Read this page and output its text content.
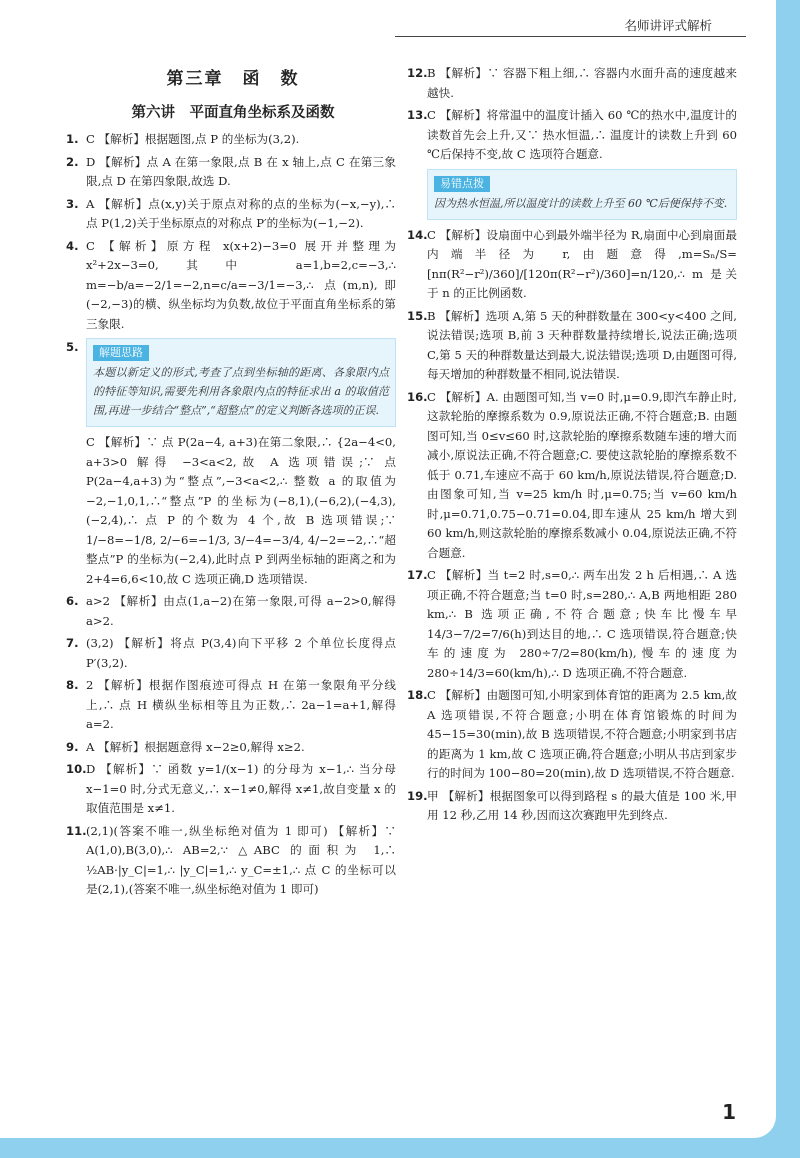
名师讲评式解析
第三章　函　数
第六讲　平面直角坐标系及函数
1. C 【解析】根据题图,点 P 的坐标为(3,2).
2. D 【解析】点 A 在第一象限,点 B 在 x 轴上,点 C 在第三象限,点 D 在第四象限,故选 D.
3. A 【解析】点(x,y)关于原点对称的点的坐标为(−x,−y),∴ 点 P(1,2)关于坐标原点的对称点 P′的坐标为(−1,−2).
4. C 【解析】原方程 x(x+2)−3=0 展开并整理为 x²+2x−3=0,其中 a=1,b=2,c=−3,∴ m=−b/a=−2/1=−2,n=c/a=−3/1=−3,∴ 点(m,n),即(−2,−3)的横、纵坐标均为负数,故位于平面直角坐标系的第三象限.
5.	解题思路
本题以新定义的形式,考查了点到坐标轴的距离、各象限内点的特征等知识,需要先利用各象限内点的特征求出 a 的取值范围,再进一步结合“整点”,“超整点”的定义判断各选项的正误.
C 【解析】∵ 点 P(2a−4, a+3)在第二象限,∴ {2a−4<0, a+3>0 解得 −3<a<2,故 A 选项错误;∵ 点 P(2a−4,a+3)为“整点”,−3<a<2,∴ 整数 a 的取值为−2,−1,0,1,∴“整点”P 的坐标为(−8,1),(−6,2),(−4,3),(−2,4),∴ 点 P 的个数为 4 个,故 B 选项错误;∵ 1/−8=−1/8, 2/−6=−1/3, 3/−4=−3/4, 4/−2=−2,∴“超整点”P 的坐标为(−2,4),此时点 P 到两坐标轴的距离之和为 2+4=6,6<10,故 C 选项正确,D 选项错误.
6. a>2 【解析】由点(1,a−2)在第一象限,可得 a−2>0,解得 a>2.
7. (3,2) 【解析】将点 P(3,4)向下平移 2 个单位长度得点 P′(3,2).
8. 2 【解析】根据作图痕迹可得点 H 在第一象限角平分线上,∴ 点 H 横纵坐标相等且为正数,∴ 2a−1=a+1,解得 a=2.
9. A 【解析】根据题意得 x−2≥0,解得 x≥2.
10. D 【解析】∵ 函数 y=1/(x−1) 的分母为 x−1,∴ 当分母 x−1=0 时,分式无意义,∴ x−1≠0,解得 x≠1,故自变量 x 的取值范围是 x≠1.
11. (2,1)(答案不唯一,纵坐标绝对值为 1 即可) 【解析】∵ A(1,0),B(3,0),∴ AB=2,∵ △ABC 的面积为 1,∴ ½AB·|y_C|=1,∴ |y_C|=1,∴ y_C=±1,∴ 点 C 的坐标可以是(2,1),(答案不唯一,纵坐标绝对值为 1 即可)
12. B 【解析】∵ 容器下粗上细,∴ 容器内水面升高的速度越来越快.
13. C 【解析】将常温中的温度计插入 60 ℃的热水中,温度计的读数首先会上升,又∵ 热水恒温,∴ 温度计的读数上升到 60 ℃后保持不变,故 C 选项符合题意.
易错点拨
因为热水恒温,所以温度计的读数上升至 60 ℃后便保持不变.
14. C 【解析】设扇面中心到最外端半径为 R,扇面中心到扇面最内端半径为 r,由题意得,m=Sₙ/S=[nπ(R²−r²)/360]/[120π(R²−r²)/360]=n/120,∴ m 是关于 n 的正比例函数.
15. B 【解析】选项 A,第 5 天的种群数量在 300<y<400 之间,说法错误;选项 B,前 3 天种群数量持续增长,说法正确;选项 C,第 5 天的种群数量达到最大,说法错误;选项 D,由题图可得,每天增加的种群数量不相同,说法错误.
16. C 【解析】A. 由题图可知,当 v=0 时,μ=0.9,即汽车静止时,这款轮胎的摩擦系数为 0.9,原说法正确,不符合题意;B. 由题图可知,当 0≤v≤60 时,这款轮胎的摩擦系数随车速的增大而减小,原说法正确,不符合题意;C. 要使这款轮胎的摩擦系数不低于 0.71,车速应不高于 60 km/h,原说法错误,符合题意;D. 由图象可知,当 v=25 km/h 时,μ=0.75;当 v=60 km/h 时,μ=0.71,0.75−0.71=0.04,即车速从 25 km/h 增大到 60 km/h,则这款轮胎的摩擦系数减小 0.04,原说法正确,不符合题意.
17. C 【解析】当 t=2 时,s=0,∴ 两车出发 2 h 后相遇,∴ A 选项正确,不符合题意;当 t=0 时,s=280,∴ A,B 两地相距 280 km,∴ B 选项正确,不符合题意;快车比慢车早 14/3−7/2=7/6(h)到达目的地,∴ C 选项错误,符合题意;快车的速度为 280÷7/2=80(km/h),慢车的速度为 280÷14/3=60(km/h),∴ D 选项正确,不符合题意.
18. C 【解析】由题图可知,小明家到体育馆的距离为 2.5 km,故 A 选项错误,不符合题意;小明在体育馆锻炼的时间为 45−15=30(min),故 B 选项错误,不符合题意;小明家到书店的距离为 1 km,故 C 选项正确,符合题意;小明从书店到家步行的时间为 100−80=20(min),故 D 选项错误,不符合题意.
19. 甲 【解析】根据图象可以得到路程 s 的最大值是 100 米,甲用 12 秒,乙用 14 秒,因而这次赛跑甲先到终点.
1
